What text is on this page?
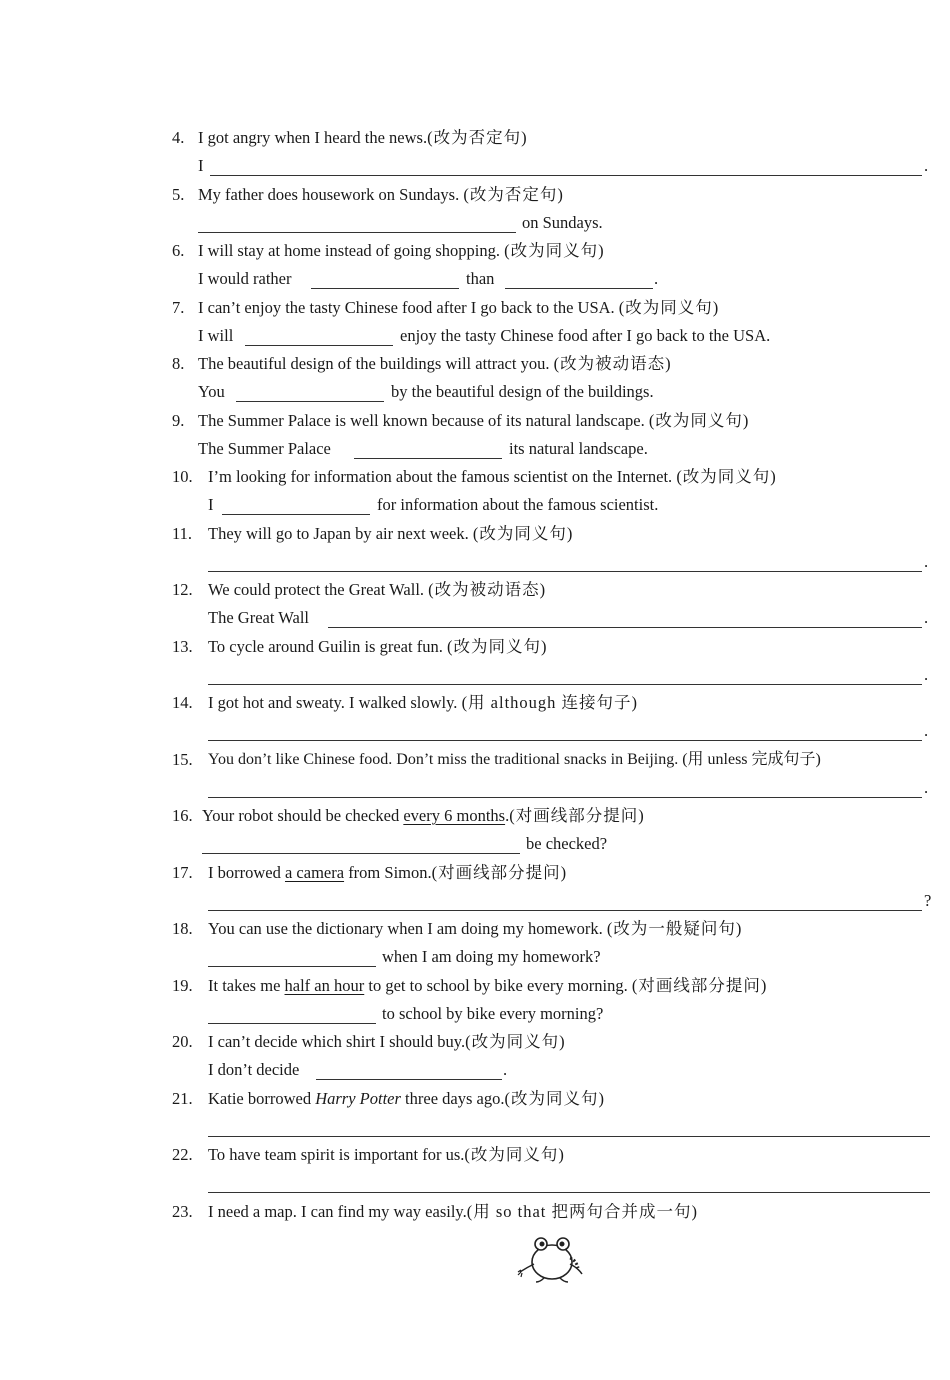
4. I got angry when I heard the news.(改为否定句)
I	.
5. My father does housework on Sundays. (改为否定句)
on Sundays.
6. I will stay at home instead of going shopping. (改为同义句)
I would rather	than	.
7. I can’t enjoy the tasty Chinese food after I go back to the USA. (改为同义句)
I will	enjoy the tasty Chinese food after I go back to the USA.
8. The beautiful design of the buildings will attract you. (改为被动语态)
You	by the beautiful design of the buildings.
9. The Summer Palace is well known because of its natural landscape. (改为同义句)
The Summer Palace	its natural landscape.
10. I’m looking for information about the famous scientist on the Internet. (改为同义句)
I	for information about the famous scientist.
11. They will go to Japan by air next week. (改为同义句)
.
12. We could protect the Great Wall. (改为被动语态)
The Great Wall	.
13. To cycle around Guilin is great fun. (改为同义句)
.
14. I got hot and sweaty. I walked slowly. (用 although 连接句子)
.
15. You don’t like Chinese food. Don’t miss the traditional snacks in Beijing. (用 unless 完成句子)
.
16. Your robot should be checked every 6 months.(对画线部分提问)
be checked?
17. I borrowed a camera from Simon.(对画线部分提问)
?
18. You can use the dictionary when I am doing my homework. (改为一般疑问句)
when I am doing my homework?
19. It takes me half an hour to get to school by bike every morning. (对画线部分提问)
to school by bike every morning?
20. I can’t decide which shirt I should buy.(改为同义句)
I don’t decide	.
21. Katie borrowed Harry Potter three days ago.(改为同义句)
22. To have team spirit is important for us.(改为同义句)
23. I need a map. I can find my way easily.(用 so that 把两句合并成一句)
